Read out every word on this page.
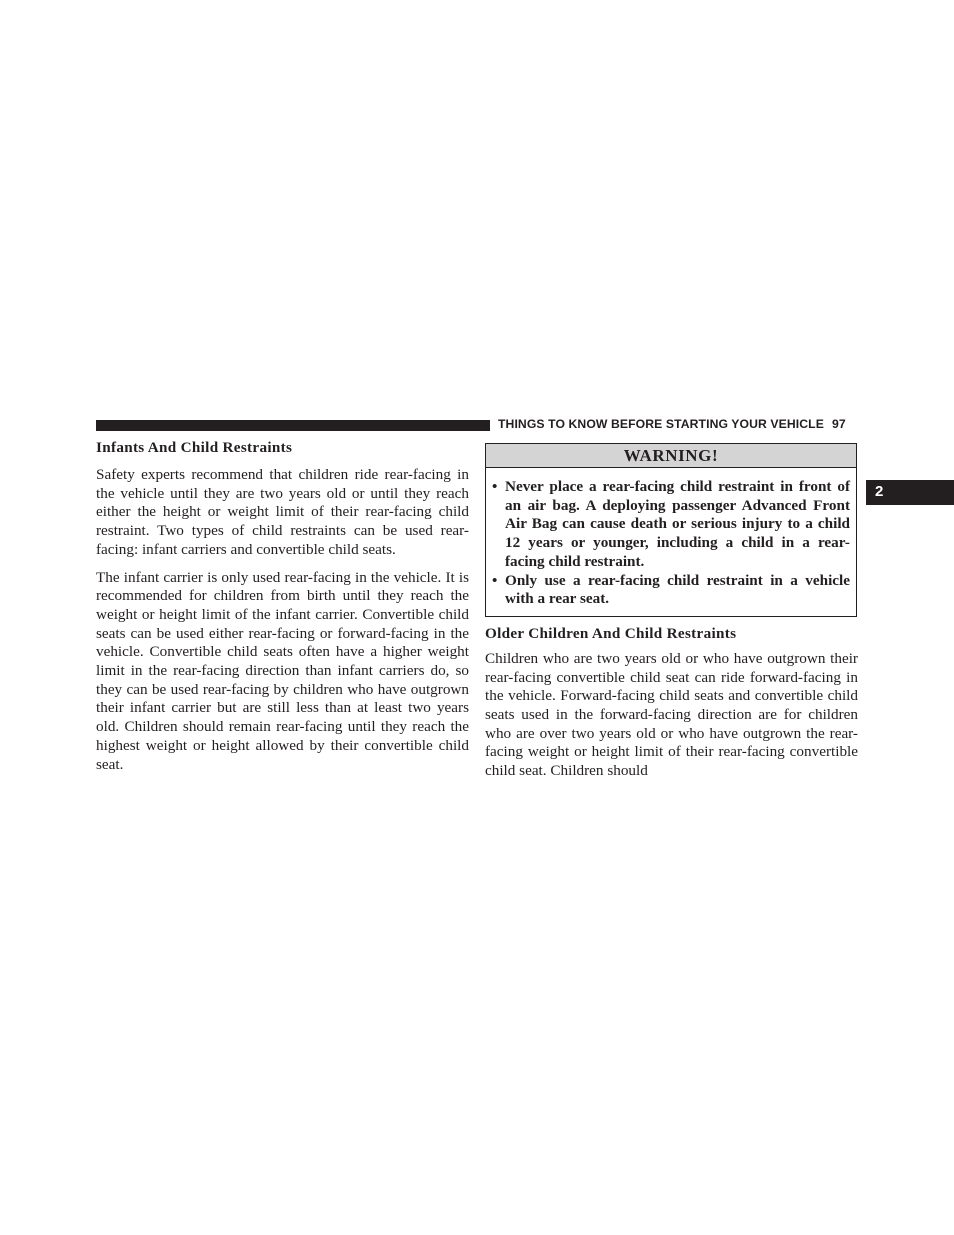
THINGS TO KNOW BEFORE STARTING YOUR VEHICLE 97
2
Infants And Child Restraints

Safety experts recommend that children ride rear-facing in the vehicle until they are two years old or until they reach either the height or weight limit of their rear-facing child restraint. Two types of child restraints can be used rear-facing: infant carriers and convertible child seats.

The infant carrier is only used rear-facing in the vehicle. It is recommended for children from birth until they reach the weight or height limit of the infant carrier. Convertible child seats can be used either rear-facing or forward-facing in the vehicle. Convertible child seats often have a higher weight limit in the rear-facing direction than infant carriers do, so they can be used rear-facing by children who have outgrown their infant carrier but are still less than at least two years old. Children should remain rear-facing until they reach the highest weight or height allowed by their convertible child seat.

WARNING!
• Never place a rear-facing child restraint in front of an air bag. A deploying passenger Advanced Front Air Bag can cause death or serious injury to a child 12 years or younger, including a child in a rear-facing child restraint.
• Only use a rear-facing child restraint in a vehicle with a rear seat.
Older Children And Child Restraints

Children who are two years old or who have outgrown their rear-facing convertible child seat can ride forward-facing in the vehicle. Forward-facing child seats and convertible child seats used in the forward-facing direction are for children who are over two years old or who have outgrown the rear-facing weight or height limit of their rear-facing convertible child seat. Children should
